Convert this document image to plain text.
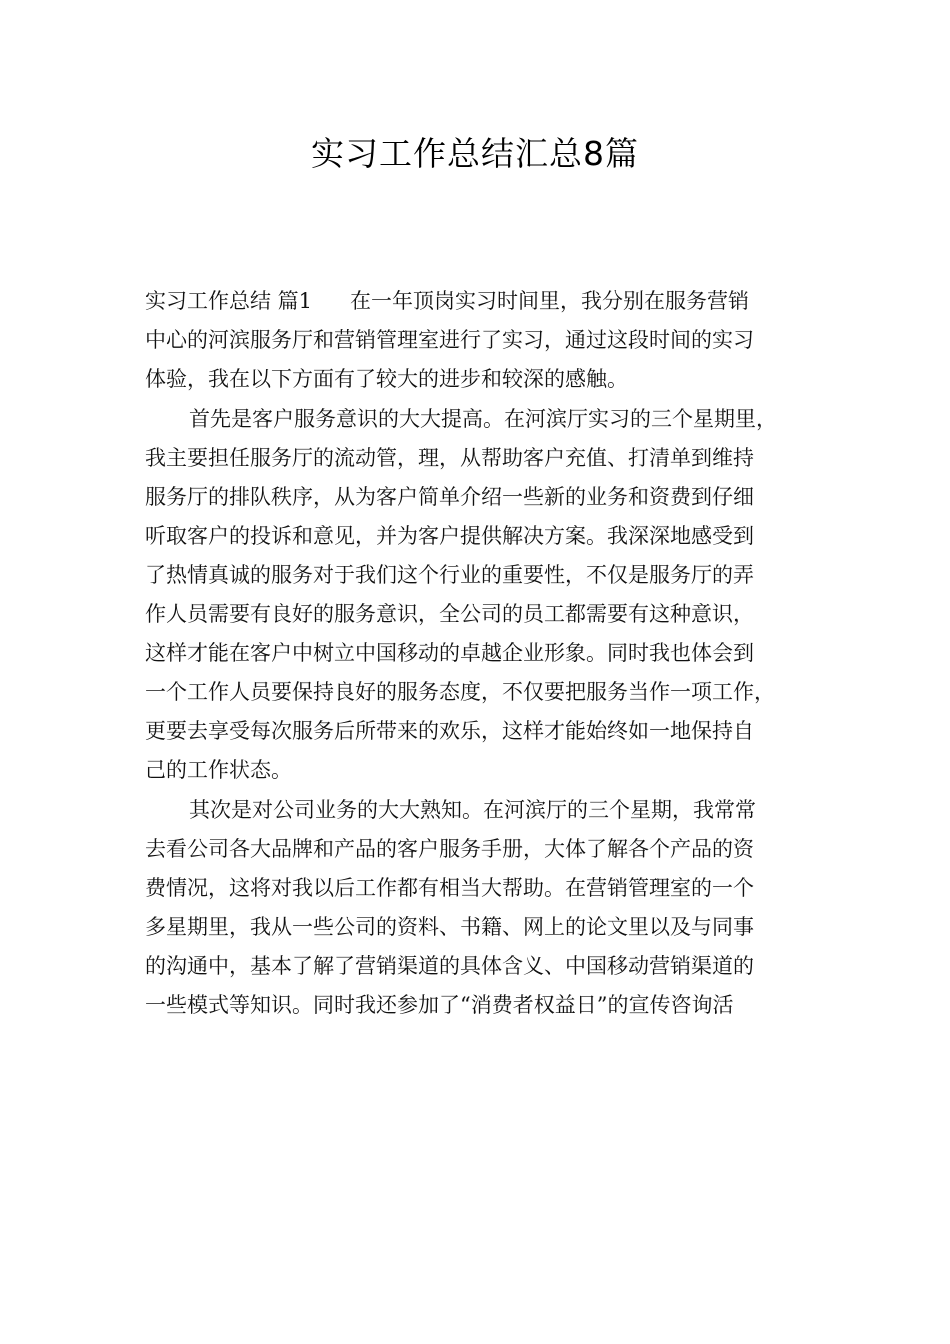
实习工作总结汇总8篇
实习工作总结 篇1 在一年顶岗实习时间里，我分别在服务营销
中心的河滨服务厅和营销管理室进行了实习，通过这段时间的实习
体验，我在以下方面有了较大的进步和较深的感触。
首先是客户服务意识的大大提高。在河滨厅实习的三个星期里，
我主要担任服务厅的流动管，理，从帮助客户充值、打清单到维持
服务厅的排队秩序，从为客户简单介绍一些新的业务和资费到仔细
听取客户的投诉和意见，并为客户提供解决方案。我深深地感受到
了热情真诚的服务对于我们这个行业的重要性，不仅是服务厅的弄
作人员需要有良好的服务意识，全公司的员工都需要有这种意识，
这样才能在客户中树立中国移动的卓越企业形象。同时我也体会到
一个工作人员要保持良好的服务态度，不仅要把服务当作一项工作，
更要去享受每次服务后所带来的欢乐，这样才能始终如一地保持自
己的工作状态。
其次是对公司业务的大大熟知。在河滨厅的三个星期，我常常
去看公司各大品牌和产品的客户服务手册，大体了解各个产品的资
费情况，这将对我以后工作都有相当大帮助。在营销管理室的一个
多星期里，我从一些公司的资料、书籍、网上的论文里以及与同事
的沟通中，基本了解了营销渠道的具体含义、中国移动营销渠道的
一些模式等知识。同时我还参加了“消费者权益日”的宣传咨询活
